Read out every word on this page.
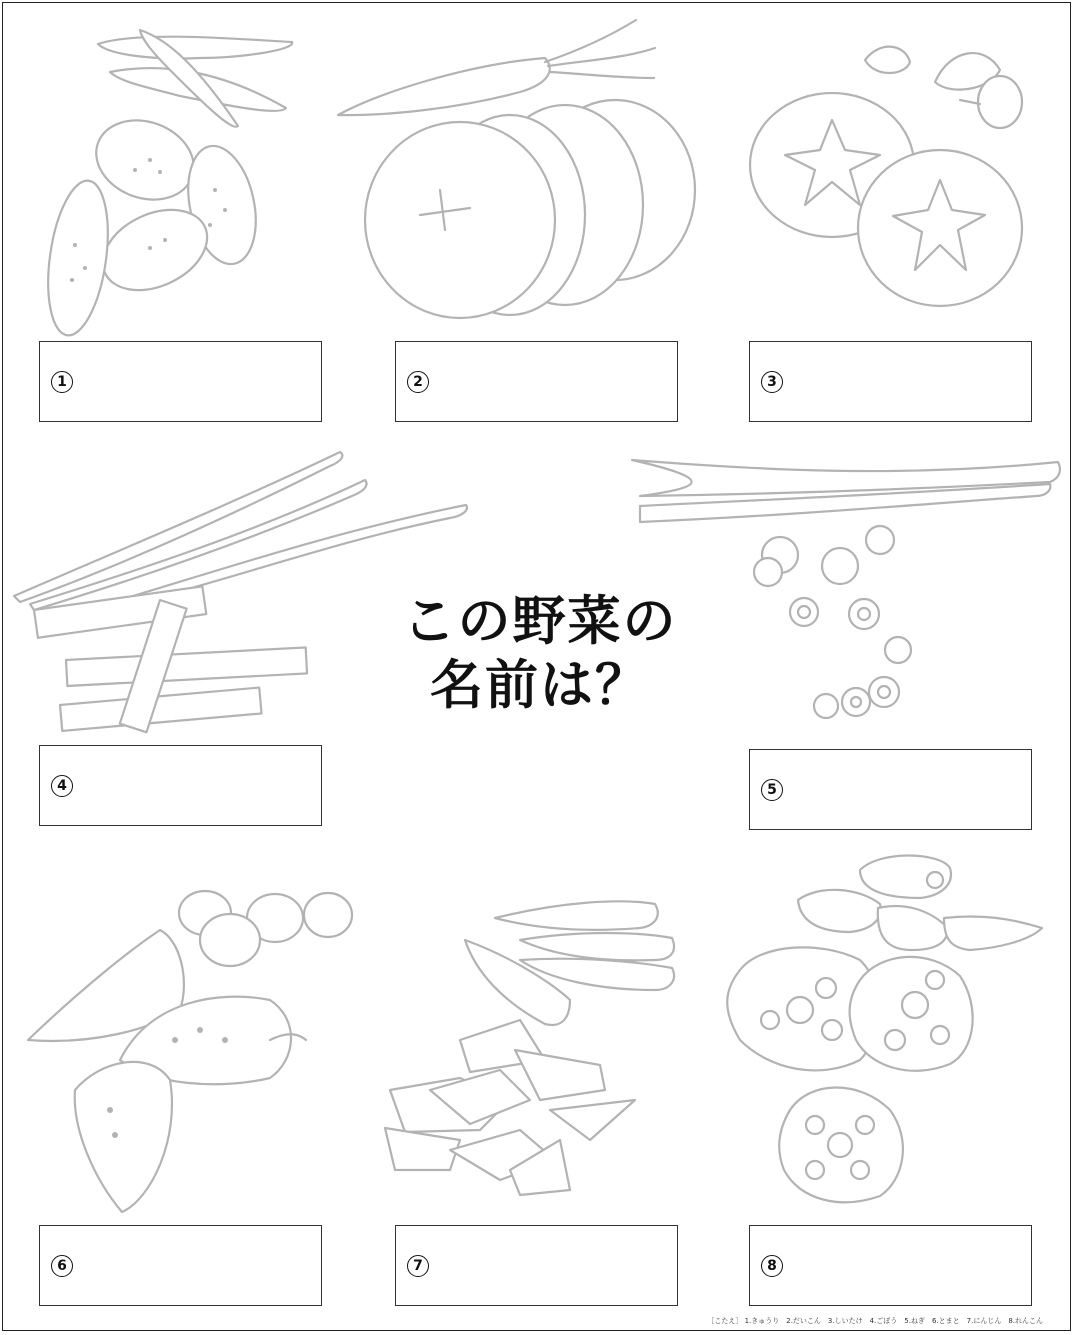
1	2	3
4	5
6	7	8
この野菜の
名前は？
［こたえ］ 1.きゅうり　2.だいこん　3.しいたけ　4.ごぼう　5.ねぎ　6.とまと　7.にんじん　8.れんこん
